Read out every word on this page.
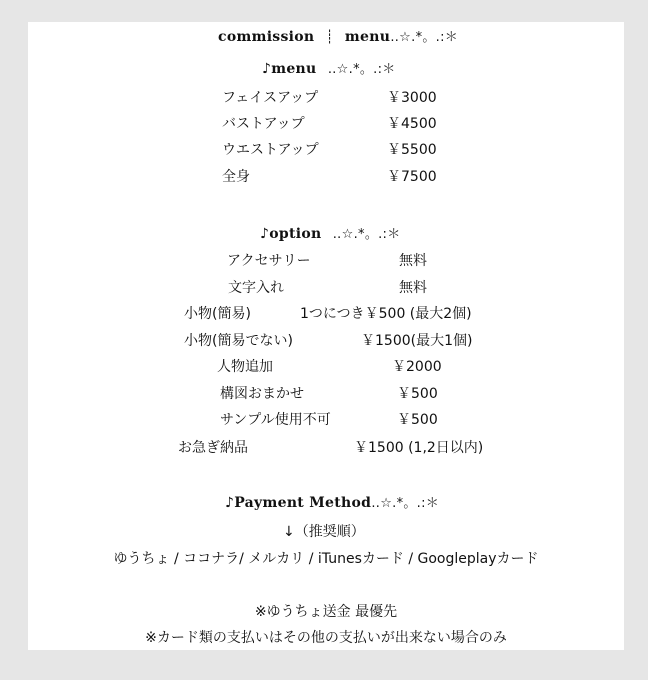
commission ┊ menu‥☆.*。.:＊
♪menu ‥☆.*。.:＊
フェイスアップ	￥3000
バストアップ	￥4500
ウエストアップ	￥5500
全身	￥7500
♪option ‥☆.*。.:＊
アクセサリー	無料
文字入れ	無料
小物(簡易)	1つにつき￥500 (最大2個)
小物(簡易でない)	￥1500(最大1個)
人物追加	￥2000
構図おまかせ	￥500
サンプル使用不可	￥500
お急ぎ納品	￥1500 (1,2日以内)
♪Payment Method‥☆.*。.:＊
↓（推奨順）
ゆうちょ / ココナラ/ メルカリ / iTunesカード / Googleplayカード
※ゆうちょ送金 最優先
※カード類の支払いはその他の支払いが出来ない場合のみ
